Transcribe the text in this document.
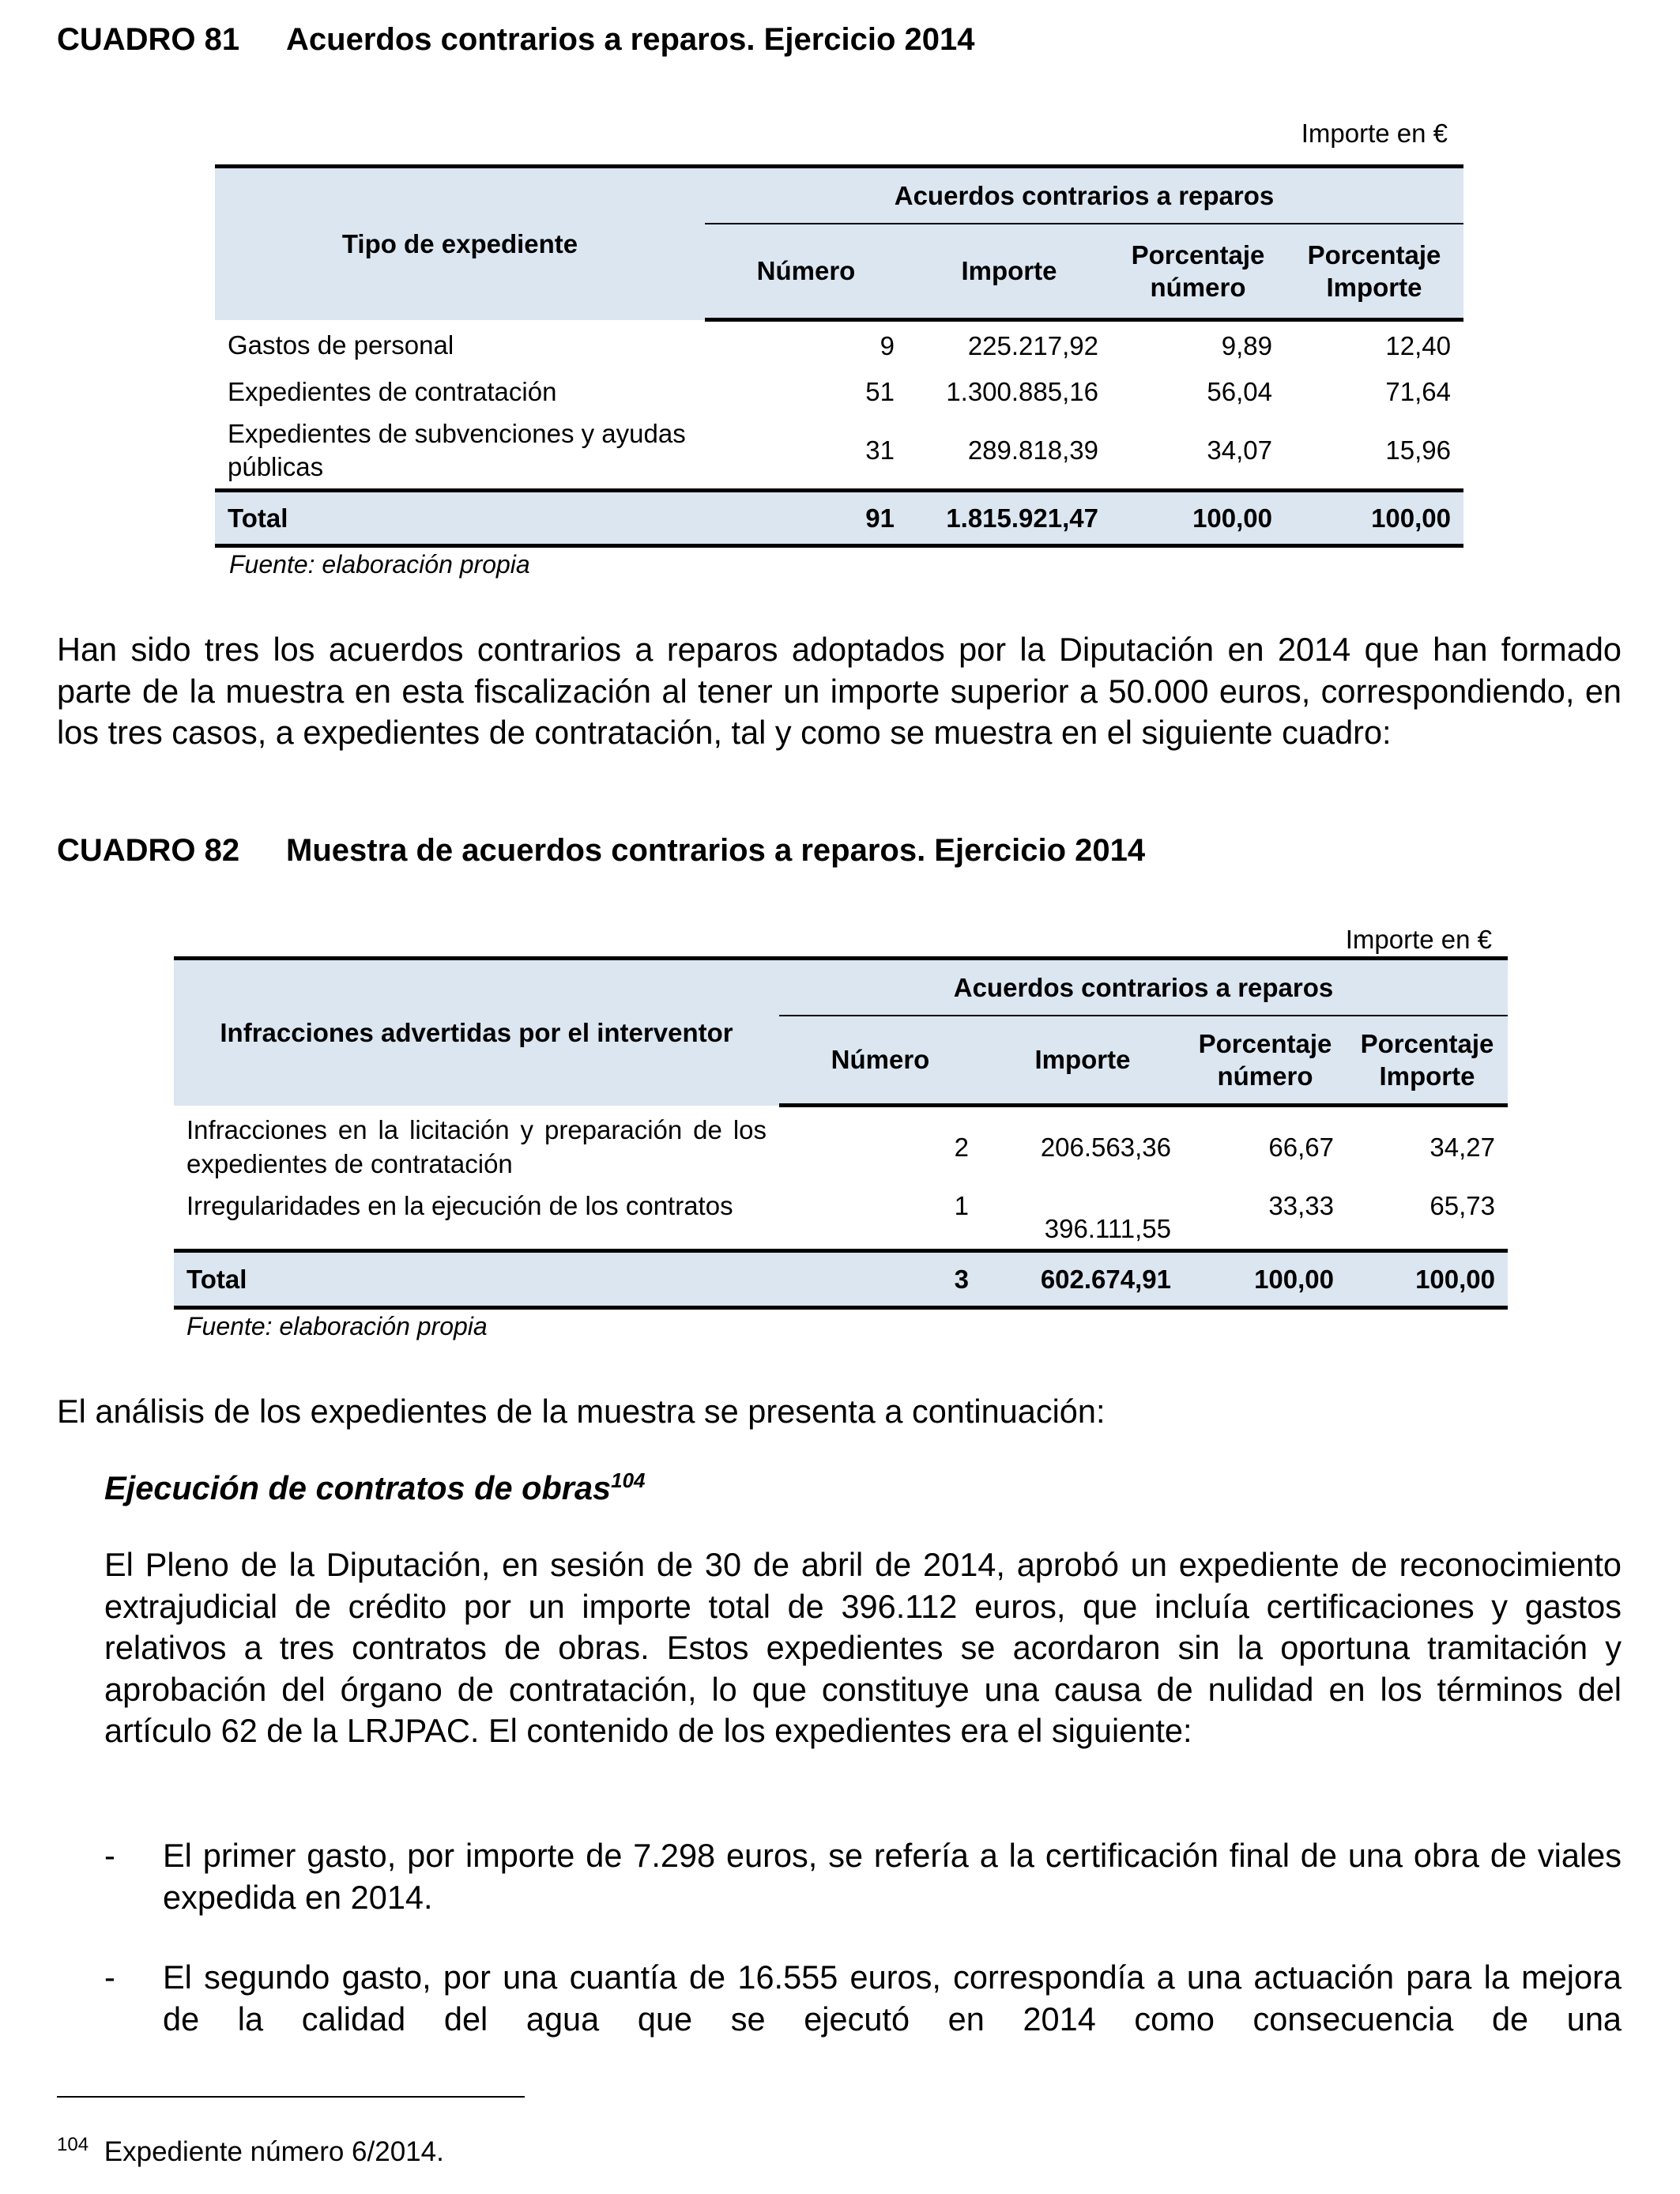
CUADRO 81 Acuerdos contrarios a reparos. Ejercicio 2014
Importe en €
Tipo de expediente	Acuerdos contrarios a reparos			
	Número	Importe	Porcentaje número	Porcentaje Importe
Gastos de personal	9	225.217,92	9,89	12,40
Expedientes de contratación	51	1.300.885,16	56,04	71,64
Expedientes de subvenciones y ayudas públicas	31	289.818,39	34,07	15,96
Total	91	1.815.921,47	100,00	100,00
Fuente: elaboración propia
Han sido tres los acuerdos contrarios a reparos adoptados por la Diputación en 2014 que han formado parte de la muestra en esta fiscalización al tener un importe superior a 50.000 euros, correspondiendo, en los tres casos, a expedientes de contratación, tal y como se muestra en el siguiente cuadro:
CUADRO 82 Muestra de acuerdos contrarios a reparos. Ejercicio 2014
Importe en €
Infracciones advertidas por el interventor	Acuerdos contrarios a reparos			
	Número	Importe	Porcentaje número	Porcentaje Importe
Infracciones en la licitación y preparación de los expedientes de contratación	2	206.563,36	66,67	34,27
Irregularidades en la ejecución de los contratos	1	396.111,55	33,33	65,73
Total	3	602.674,91	100,00	100,00
Fuente: elaboración propia
El análisis de los expedientes de la muestra se presenta a continuación:
Ejecución de contratos de obras$^{104}$
El Pleno de la Diputación, en sesión de 30 de abril de 2014, aprobó un expediente de reconocimiento extrajudicial de crédito por un importe total de 396.112 euros, que incluía certificaciones y gastos relativos a tres contratos de obras. Estos expedientes se acordaron sin la oportuna tramitación y aprobación del órgano de contratación, lo que constituye una causa de nulidad en los términos del artículo 62 de la LRJPAC. El contenido de los expedientes era el siguiente:
- El primer gasto, por importe de 7.298 euros, se refería a la certificación final de una obra de viales expedida en 2014.
- El segundo gasto, por una cuantía de 16.555 euros, correspondía a una actuación para la mejora de la calidad del agua que se ejecutó en 2014 como consecuencia de una
$^{104}$ Expediente número 6/2014.
